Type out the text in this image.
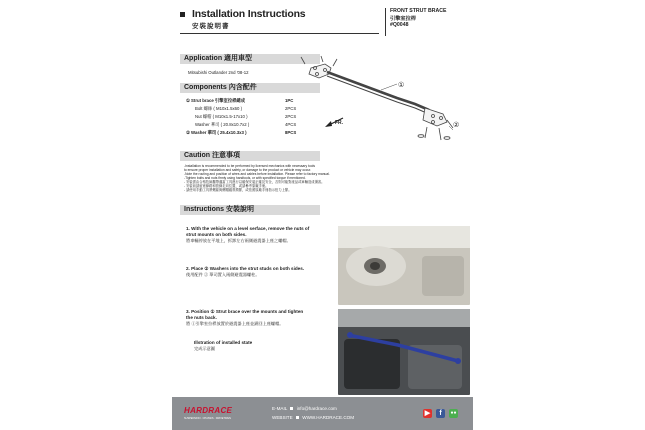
Installation Instructions
安裝說明書
FRONT STRUT BRACE
引擎室拉桿
#Q0048
Application 適用車型
Mitsubishi Outlander 2nd '08-12
Components 內含配件
① Strut brace 引擎室拉桿總成	1PC
Bolt 螺絲 ( M10x1.5x60 )	2PCS
Nut 螺帽 ( M10x1.5-17x10 )	2PCS
Washer 華司 ( 20.8x10.7x2 )	4PCS
② Washer 華司 ( 25.4x10.3x3 )	8PCS
①
②
FR.
Caution 注意事項
-Installation is recommended to be performed by licensed mechanics with necessary tools
to ensure proper installation and safety, or damage to the product or vehicle may occur.
-Note the routing and position of wires and cables before installation. Please refer to factory manual.
-Tighten bolts and nuts firmly using handtools, or with specified torque if mentioned.
- 安裝需由合格技師攜帶適當工具進行以確保安裝正確及安全，否則可能對產品或車輛造成傷害。
- 安裝前請留意線路和管線走向位置，或請參考原廠手冊。
- 請使用手動工具將螺絲與螺帽確實鎖緊，或依照原廠手冊指示扭力上緊。
Instructions 安裝說明
1. With the vehicle on a level serface, remove the nuts of
strut mounts on both sides.
將車輛停放在平地上，拆卸左右兩側避震器上座之螺帽。
2. Place ② Washers into the strut studs on both sides.
使用配件 ② 華司置入兩側避震器螺柱。
3. Position ① Strut brace over the mounts and tighten
the nuts back.
將 ①引擎室拉桿放置於避震器上座並鎖回上座螺帽。
Illstration of installed state
完成示意圖
HARDRACE
SUSPENSION · CHASSIS · DRIVETRAIN
E-MAIL info@hardrace.com
WEBSITE WWW.HARDRACE.COM
▶	f	●●
